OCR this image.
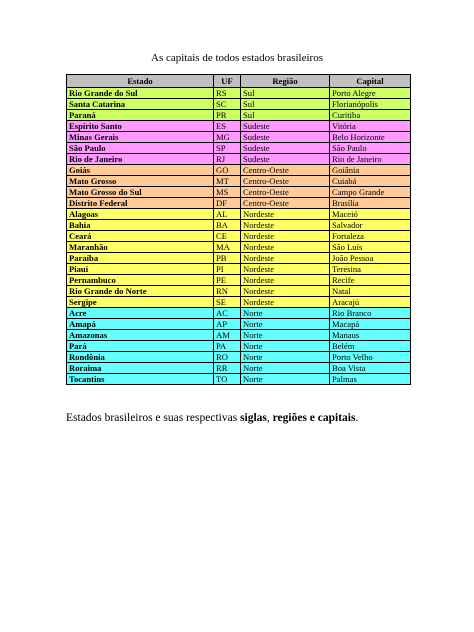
As capitais de todos estados brasileiros
Estado	UF	Região	Capital
Rio Grande do Sul	RS	Sul	Porto Alegre
Santa Catarina	SC	Sul	Florianópolis
Paraná	PR	Sul	Curitiba
Espírito Santo	ES	Sudeste	Vitória
Minas Gerais	MG	Sudeste	Belo Horizonte
São Paulo	SP	Sudeste	São Paulo
Rio de Janeiro	RJ	Sudeste	Rio de Janeiro
Goiás	GO	Centro-Oeste	Goiânia
Mato Grosso	MT	Centro-Oeste	Cuiabá
Mato Grosso do Sul	MS	Centro-Oeste	Campo Grande
Distrito Federal	DF	Centro-Oeste	Brasília
Alagoas	AL	Nordeste	Maceió
Bahia	BA	Nordeste	Salvador
Ceará	CE	Nordeste	Fortaleza
Maranhão	MA	Nordeste	São Luís
Paraíba	PB	Nordeste	João Pessoa
Piauí	PI	Nordeste	Teresina
Pernambuco	PE	Nordeste	Recife
Rio Grande do Norte	RN	Nordeste	Natal
Sergipe	SE	Nordeste	Aracajú
Acre	AC	Norte	Rio Branco
Amapá	AP	Norte	Macapá
Amazonas	AM	Norte	Manaus
Pará	PA	Norte	Belém
Rondônia	RO	Norte	Porto Velho
Roraima	RR	Norte	Boa Vista
Tocantins	TO	Norte	Palmas
Estados brasileiros e suas respectivas siglas, regiões e capitais.
